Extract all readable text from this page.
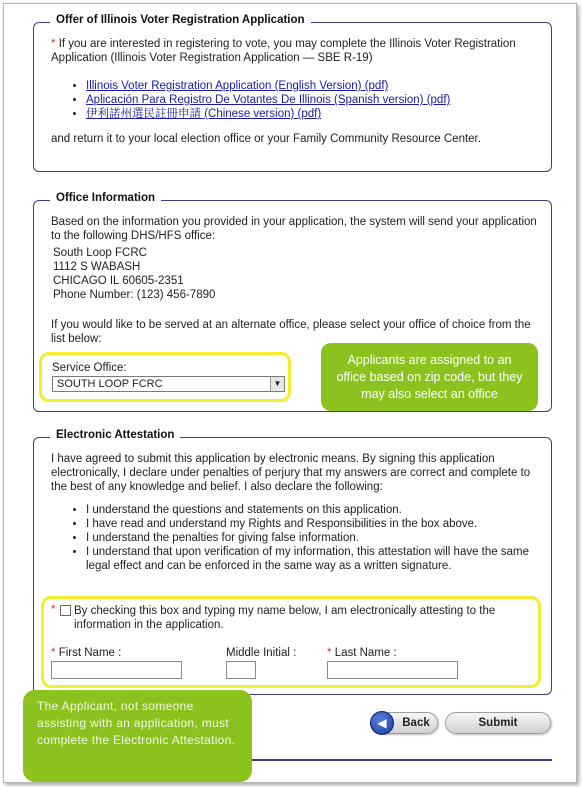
Offer of Illinois Voter Registration Application
* If you are interested in registering to vote, you may complete the Illinois Voter Registration Application (Illinois Voter Registration Application — SBE R-19)
• Illinois Voter Registration Application (English Version) (pdf)
• Aplicación Para Registro De Votantes De Illinois (Spanish version) (pdf)
• 伊利諾州選民註冊申請 (Chinese version) (pdf)
and return it to your local election office or your Family Community Resource Center.
Office Information
Based on the information you provided in your application, the system will send your application to the following DHS/HFS office:
South Loop FCRC
1112 S WABASH
CHICAGO IL 60605-2351
Phone Number: (123) 456-7890
If you would like to be served at an alternate office, please select your office of choice from the list below:
Service Office:
SOUTH LOOP FCRC	▼
Applicants are assigned to an office based on zip code, but they may also select an office
Electronic Attestation
I have agreed to submit this application by electronic means. By signing this application electronically, I declare under penalties of perjury that my answers are correct and complete to the best of any knowledge and belief. I also declare the following:
• I understand the questions and statements on this application.
• I have read and understand my Rights and Responsibilities in the box above.
• I understand the penalties for giving false information.
• I understand that upon verification of my information, this attestation will have the same legal effect and can be enforced in the same way as a written signature.
* By checking this box and typing my name below, I am electronically attesting to the information in the application.
* First Name :	Middle Initial :	* Last Name :
Back
◀	Submit
The Applicant, not someone assisting with an application, must complete the Electronic Attestation.
